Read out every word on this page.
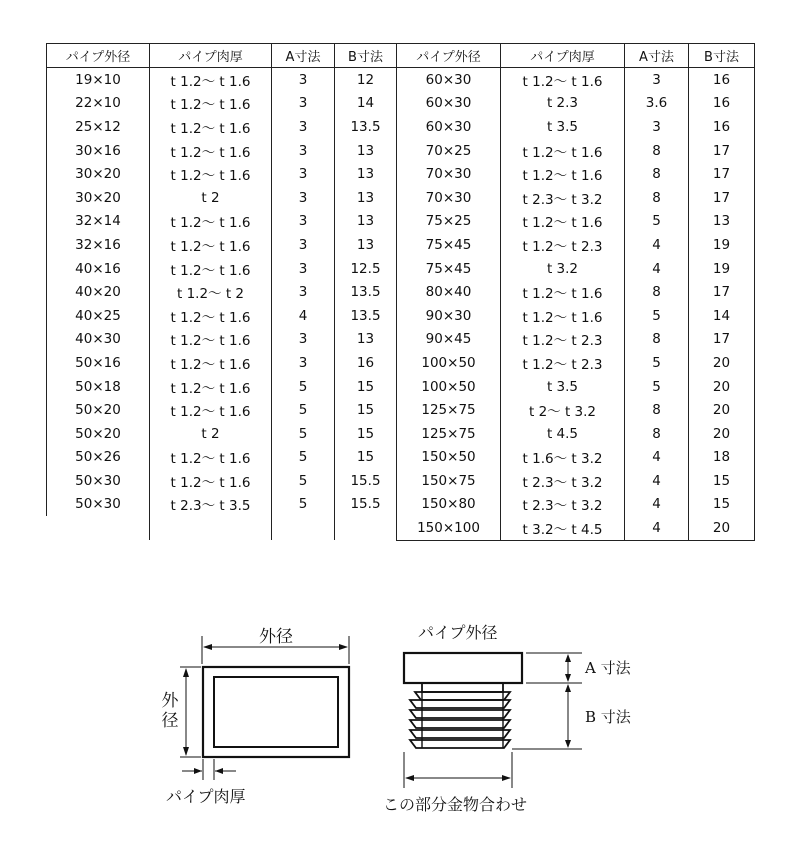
パイプ外径	パイプ肉厚	A寸法	B寸法	パイプ外径	パイプ肉厚	A寸法	B寸法
19×10	t 1.2～ t 1.6	3	12	60×30	t 1.2～ t 1.6	3	16
22×10	t 1.2～ t 1.6	3	14	60×30	t 2.3	3.6	16
25×12	t 1.2～ t 1.6	3	13.5	60×30	t 3.5	3	16
30×16	t 1.2～ t 1.6	3	13	70×25	t 1.2～ t 1.6	8	17
30×20	t 1.2～ t 1.6	3	13	70×30	t 1.2～ t 1.6	8	17
30×20	t 2	3	13	70×30	t 2.3～ t 3.2	8	17
32×14	t 1.2～ t 1.6	3	13	75×25	t 1.2～ t 1.6	5	13
32×16	t 1.2～ t 1.6	3	13	75×45	t 1.2～ t 2.3	4	19
40×16	t 1.2～ t 1.6	3	12.5	75×45	t 3.2	4	19
40×20	t 1.2～ t 2	3	13.5	80×40	t 1.2～ t 1.6	8	17
40×25	t 1.2～ t 1.6	4	13.5	90×30	t 1.2～ t 1.6	5	14
40×30	t 1.2～ t 1.6	3	13	90×45	t 1.2～ t 2.3	8	17
50×16	t 1.2～ t 1.6	3	16	100×50	t 1.2～ t 2.3	5	20
50×18	t 1.2～ t 1.6	5	15	100×50	t 3.5	5	20
50×20	t 1.2～ t 1.6	5	15	125×75	t 2～ t 3.2	8	20
50×20	t 2	5	15	125×75	t 4.5	8	20
50×26	t 1.2～ t 1.6	5	15	150×50	t 1.6～ t 3.2	4	18
50×30	t 1.2～ t 1.6	5	15.5	150×75	t 2.3～ t 3.2	4	15
50×30	t 2.3～ t 3.5	5	15.5	150×80	t 2.3～ t 3.2	4	15
				150×100	t 3.2～ t 4.5	4	20
外径
外
径
パイプ肉厚
パイプ外径
A 寸法
B 寸法
この部分金物合わせ
